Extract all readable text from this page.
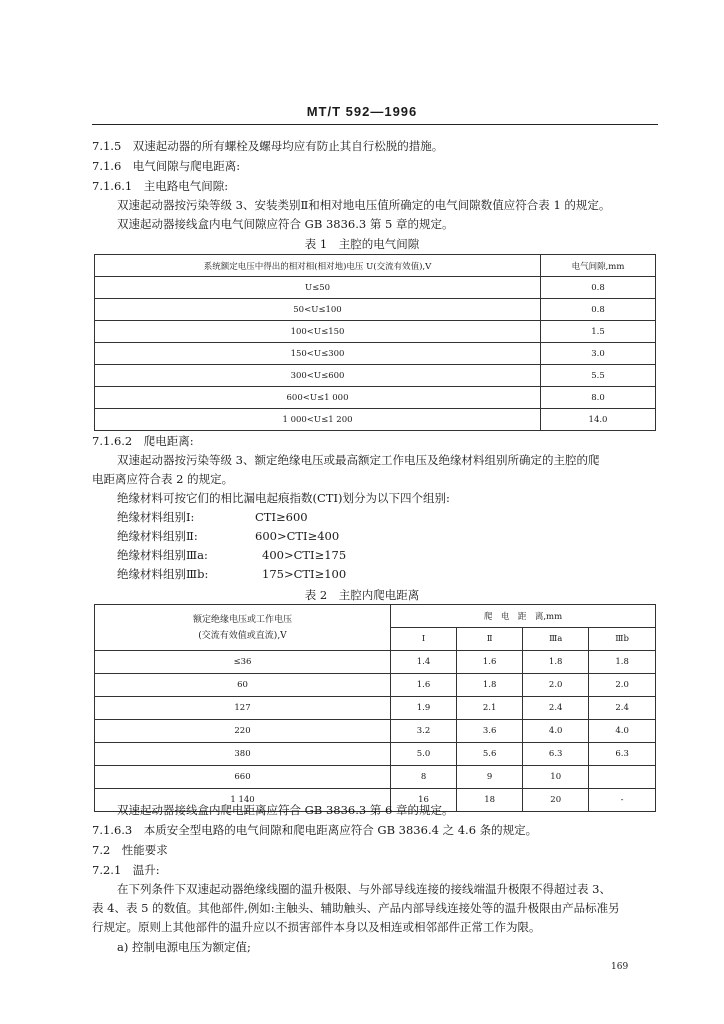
MT/T 592—1996
7.1.5　双速起动器的所有螺栓及螺母均应有防止其自行松脱的措施。
7.1.6　电气间隙与爬电距离:
7.1.6.1　主电路电气间隙:
双速起动器按污染等级 3、安装类别Ⅱ和相对地电压值所确定的电气间隙数值应符合表 1 的规定。
双速起动器接线盒内电气间隙应符合 GB 3836.3 第 5 章的规定。
表 1　主腔的电气间隙
系统额定电压中得出的相对相(相对地)电压 U(交流有效值),V	电气间隙,mm
U≤50	0.8
50<U≤100	0.8
100<U≤150	1.5
150<U≤300	3.0
300<U≤600	5.5
600<U≤1 000	8.0
1 000<U≤1 200	14.0
7.1.6.2　爬电距离:
双速起动器按污染等级 3、额定绝缘电压或最高额定工作电压及绝缘材料组别所确定的主腔的爬
电距离应符合表 2 的规定。
绝缘材料可按它们的相比漏电起痕指数(CTI)划分为以下四个组别:
绝缘材料组别Ⅰ:	CTI≥600
绝缘材料组别Ⅱ:	600>CTI≥400
绝缘材料组别Ⅲa:	400>CTI≥175
绝缘材料组别Ⅲb:	175>CTI≥100
表 2　主腔内爬电距离
额定绝缘电压或工作电压
(交流有效值或直流),V	爬　电　距　离,mm			
	Ⅰ	Ⅱ	Ⅲa	Ⅲb
≤36	1.4	1.6	1.8	1.8
60	1.6	1.8	2.0	2.0
127	1.9	2.1	2.4	2.4
220	3.2	3.6	4.0	4.0
380	5.0	5.6	6.3	6.3
660	8	9	10	
1 140	16	18	20	-
双速起动器接线盒内爬电距离应符合 GB 3836.3 第 6 章的规定。
7.1.6.3　本质安全型电路的电气间隙和爬电距离应符合 GB 3836.4 之 4.6 条的规定。
7.2　性能要求
7.2.1　温升:
在下列条件下双速起动器绝缘线圈的温升极限、与外部导线连接的接线端温升极限不得超过表 3、
表 4、表 5 的数值。其他部件,例如:主触头、辅助触头、产品内部导线连接处等的温升极限由产品标准另
行规定。原则上其他部件的温升应以不损害部件本身以及相连或相邻部件正常工作为限。
a) 控制电源电压为额定值;
169
